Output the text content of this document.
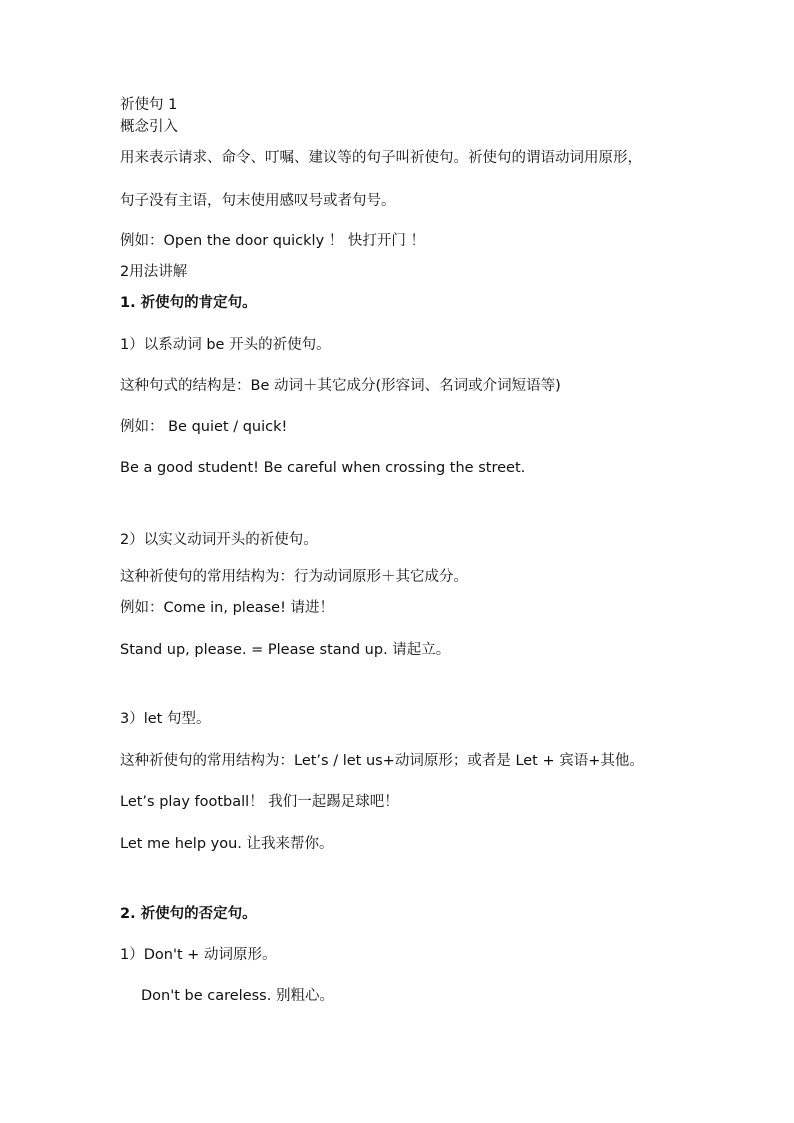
祈使句 1
概念引入
用来表示请求、命令、叮嘱、建议等的句子叫祈使句。祈使句的谓语动词用原形，
句子没有主语，句末使用感叹号或者句号。
例如：Open the door quickly ！ 快打开门 ！
2用法讲解
1. 祈使句的肯定句。
1）以系动词 be 开头的祈使句。
这种句式的结构是：Be 动词＋其它成分(形容词、名词或介词短语等)
例如： Be quiet / quick!
Be a good student! Be careful when crossing the street.
2）以实义动词开头的祈使句。
这种祈使句的常用结构为：行为动词原形＋其它成分。
例如：Come in, please! 请进！
Stand up, please. = Please stand up. 请起立。
3）let 句型。
这种祈使句的常用结构为：Let’s / let us+动词原形；或者是 Let + 宾语+其他。
Let’s play football！ 我们一起踢足球吧！
Let me help you. 让我来帮你。
2. 祈使句的否定句。
1）Don't + 动词原形。
Don't be careless. 别粗心。
